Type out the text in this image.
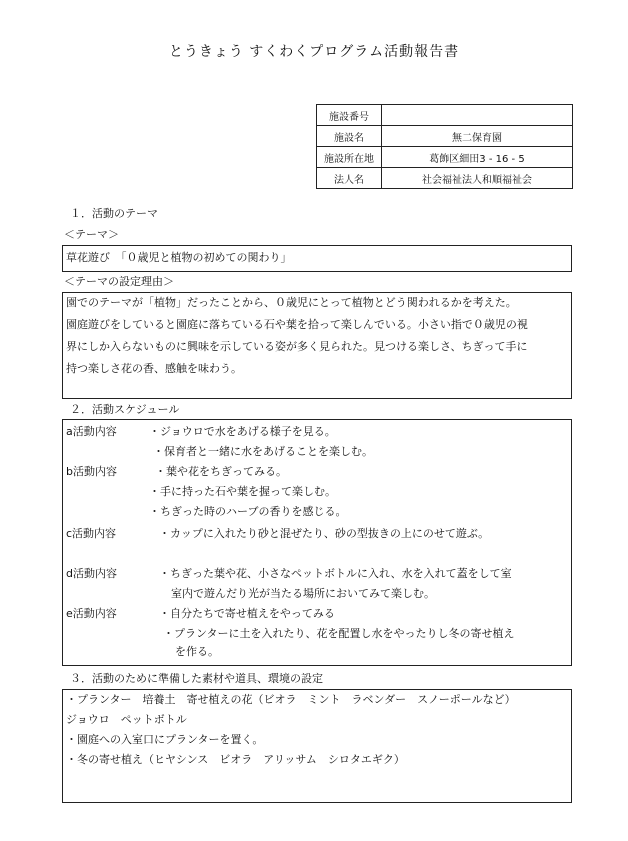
とうきょう すくわくプログラム活動報告書
施設番号	
施設名	無二保育園
施設所在地	葛飾区細田3 - 16 - 5
法人名	社会福祉法人和順福祉会
１．活動のテーマ
＜テーマ＞
草花遊び　「０歳児と植物の初めての関わり」
＜テーマの設定理由＞
園でのテーマが「植物」だったことから、０歳児にとって植物とどう関われるかを考えた。
園庭遊びをしていると園庭に落ちている石や葉を拾って楽しんでいる。小さい指で０歳児の視
界にしか入らないものに興味を示している姿が多く見られた。見つける楽しさ、ちぎって手に
持つ楽しさ花の香、感触を味わう。
２．活動スケジュール
a活動内容	・ジョウロで水をあげる様子を見る。
・保育者と一緒に水をあげることを楽しむ。
b活動内容	・葉や花をちぎってみる。
・手に持った石や葉を握って楽しむ。
・ちぎった時のハーブの香りを感じる。
c活動内容	・カップに入れたり砂と混ぜたり、砂の型抜きの上にのせて遊ぶ。
d活動内容	・ちぎった葉や花、小さなペットボトルに入れ、水を入れて蓋をして室
室内で遊んだり光が当たる場所においてみて楽しむ。
e活動内容	・自分たちで寄せ植えをやってみる
・プランターに土を入れたり、花を配置し水をやったりし冬の寄せ植え
を作る。
３．活動のために準備した素材や道具、環境の設定
・プランター　培養土　寄せ植えの花（ビオラ　ミント　ラベンダー　スノーポールなど）
ジョウロ　ペットボトル
・園庭への入室口にプランターを置く。
・冬の寄せ植え（ヒヤシンス　ビオラ　アリッサム　シロタエギク）
